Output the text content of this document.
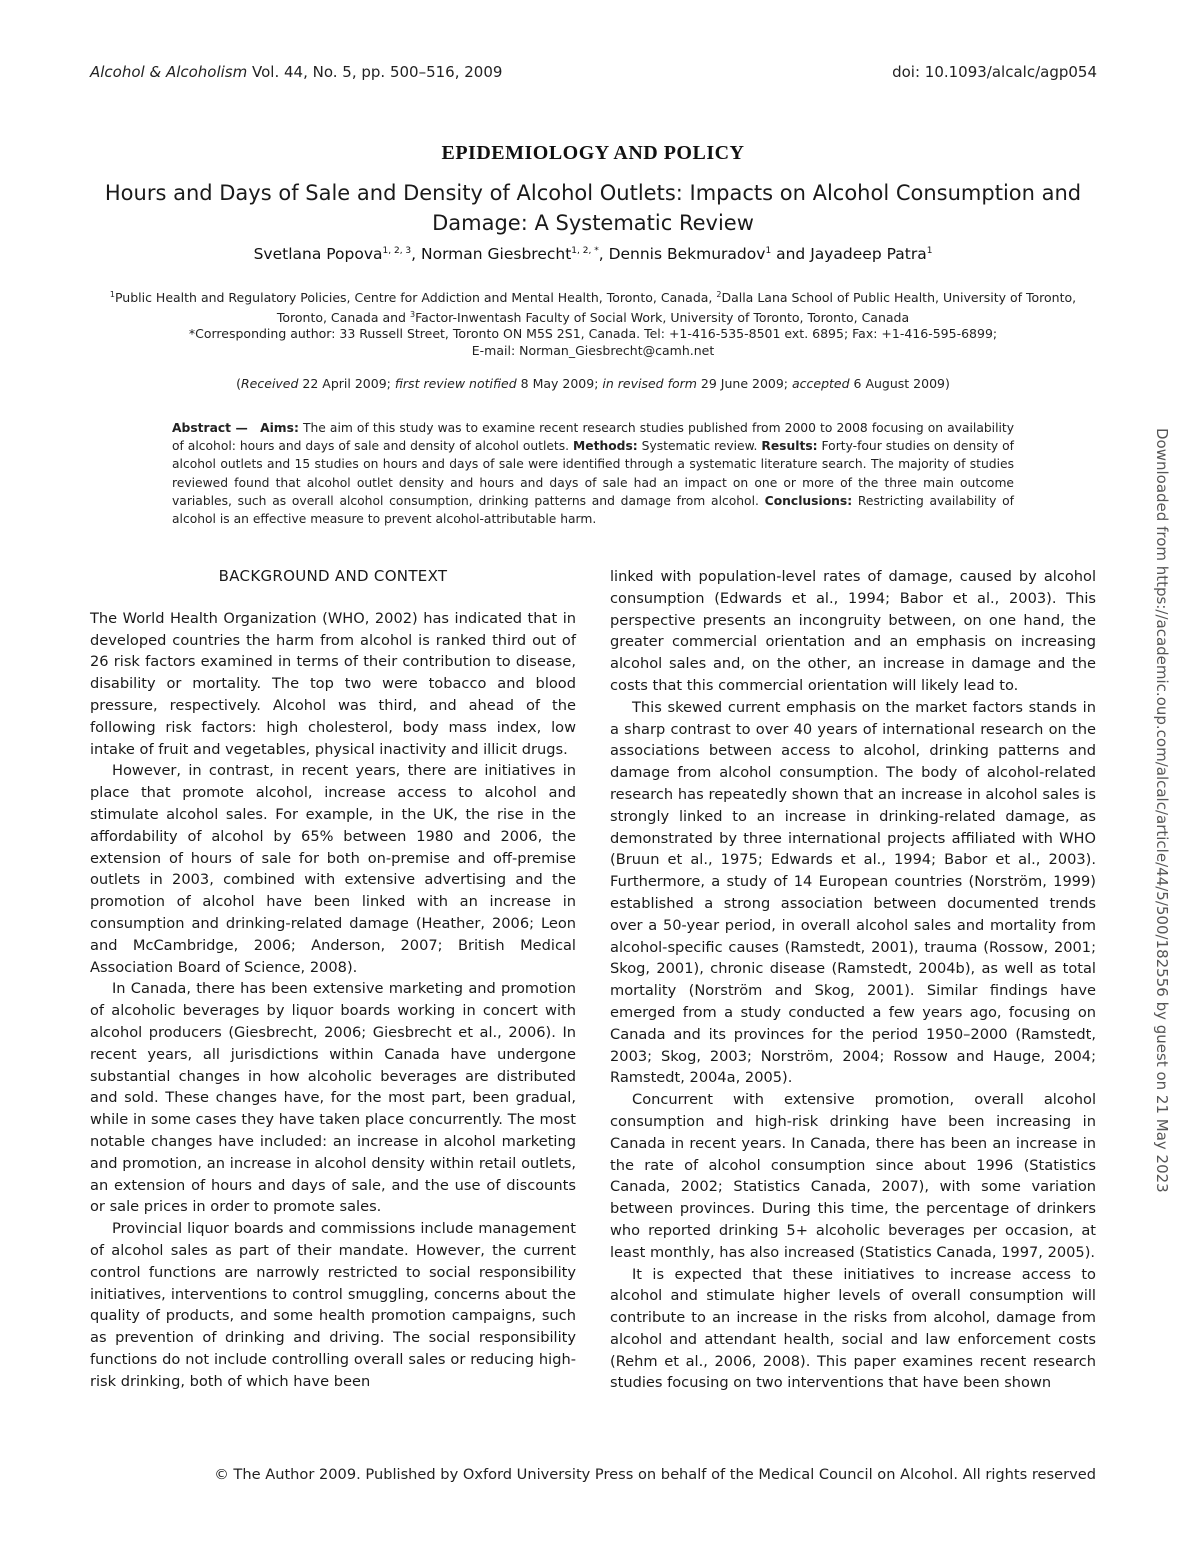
Alcohol & Alcoholism Vol. 44, No. 5, pp. 500–516, 2009	doi: 10.1093/alcalc/agp054
EPIDEMIOLOGY AND POLICY
Hours and Days of Sale and Density of Alcohol Outlets: Impacts on Alcohol Consumption and Damage: A Systematic Review
Svetlana Popova$^{1, 2, 3}$, Norman Giesbrecht$^{1, 2, *}$, Dennis Bekmuradov$^1$ and Jayadeep Patra$^1$
$^1$Public Health and Regulatory Policies, Centre for Addiction and Mental Health, Toronto, Canada, $^2$Dalla Lana School of Public Health, University of Toronto,
Toronto, Canada and $^3$Factor-Inwentash Faculty of Social Work, University of Toronto, Toronto, Canada
*Corresponding author: 33 Russell Street, Toronto ON M5S 2S1, Canada. Tel: +1-416-535-8501 ext. 6895; Fax: +1-416-595-6899;
E-mail: Norman_Giesbrecht@camh.net
(Received 22 April 2009; first review notified 8 May 2009; in revised form 29 June 2009; accepted 6 August 2009)
Abstract — Aims: The aim of this study was to examine recent research studies published from 2000 to 2008 focusing on availability of alcohol: hours and days of sale and density of alcohol outlets. Methods: Systematic review. Results: Forty-four studies on density of alcohol outlets and 15 studies on hours and days of sale were identified through a systematic literature search. The majority of studies reviewed found that alcohol outlet density and hours and days of sale had an impact on one or more of the three main outcome variables, such as overall alcohol consumption, drinking patterns and damage from alcohol. Conclusions: Restricting availability of alcohol is an effective measure to prevent alcohol-attributable harm.
BACKGROUND AND CONTEXT

The World Health Organization (WHO, 2002) has indicated that in developed countries the harm from alcohol is ranked third out of 26 risk factors examined in terms of their contribution to disease, disability or mortality. The top two were tobacco and blood pressure, respectively. Alcohol was third, and ahead of the following risk factors: high cholesterol, body mass index, low intake of fruit and vegetables, physical inactivity and illicit drugs.

However, in contrast, in recent years, there are initiatives in place that promote alcohol, increase access to alcohol and stimulate alcohol sales. For example, in the UK, the rise in the affordability of alcohol by 65% between 1980 and 2006, the extension of hours of sale for both on-premise and off-premise outlets in 2003, combined with extensive advertising and the promotion of alcohol have been linked with an increase in consumption and drinking-related damage (Heather, 2006; Leon and McCambridge, 2006; Anderson, 2007; British Medical Association Board of Science, 2008).

In Canada, there has been extensive marketing and promotion of alcoholic beverages by liquor boards working in concert with alcohol producers (Giesbrecht, 2006; Giesbrecht et al., 2006). In recent years, all jurisdictions within Canada have undergone substantial changes in how alcoholic beverages are distributed and sold. These changes have, for the most part, been gradual, while in some cases they have taken place concurrently. The most notable changes have included: an increase in alcohol marketing and promotion, an increase in alcohol density within retail outlets, an extension of hours and days of sale, and the use of discounts or sale prices in order to promote sales.

Provincial liquor boards and commissions include management of alcohol sales as part of their mandate. However, the current control functions are narrowly restricted to social responsibility initiatives, interventions to control smuggling, concerns about the quality of products, and some health promotion campaigns, such as prevention of drinking and driving. The social responsibility functions do not include controlling overall sales or reducing high-risk drinking, both of which have been

linked with population-level rates of damage, caused by alcohol consumption (Edwards et al., 1994; Babor et al., 2003). This perspective presents an incongruity between, on one hand, the greater commercial orientation and an emphasis on increasing alcohol sales and, on the other, an increase in damage and the costs that this commercial orientation will likely lead to.

This skewed current emphasis on the market factors stands in a sharp contrast to over 40 years of international research on the associations between access to alcohol, drinking patterns and damage from alcohol consumption. The body of alcohol-related research has repeatedly shown that an increase in alcohol sales is strongly linked to an increase in drinking-related damage, as demonstrated by three international projects affiliated with WHO (Bruun et al., 1975; Edwards et al., 1994; Babor et al., 2003). Furthermore, a study of 14 European countries (Norström, 1999) established a strong association between documented trends over a 50-year period, in overall alcohol sales and mortality from alcohol-specific causes (Ramstedt, 2001), trauma (Rossow, 2001; Skog, 2001), chronic disease (Ramstedt, 2004b), as well as total mortality (Norström and Skog, 2001). Similar findings have emerged from a study conducted a few years ago, focusing on Canada and its provinces for the period 1950–2000 (Ramstedt, 2003; Skog, 2003; Norström, 2004; Rossow and Hauge, 2004; Ramstedt, 2004a, 2005).

Concurrent with extensive promotion, overall alcohol consumption and high-risk drinking have been increasing in Canada in recent years. In Canada, there has been an increase in the rate of alcohol consumption since about 1996 (Statistics Canada, 2002; Statistics Canada, 2007), with some variation between provinces. During this time, the percentage of drinkers who reported drinking 5+ alcoholic beverages per occasion, at least monthly, has also increased (Statistics Canada, 1997, 2005).

It is expected that these initiatives to increase access to alcohol and stimulate higher levels of overall consumption will contribute to an increase in the risks from alcohol, damage from alcohol and attendant health, social and law enforcement costs (Rehm et al., 2006, 2008). This paper examines recent research studies focusing on two interventions that have been shown

© The Author 2009. Published by Oxford University Press on behalf of the Medical Council on Alcohol. All rights reserved
Downloaded from https://academic.oup.com/alcalc/article/44/5/500/182556 by guest on 21 May 2023
